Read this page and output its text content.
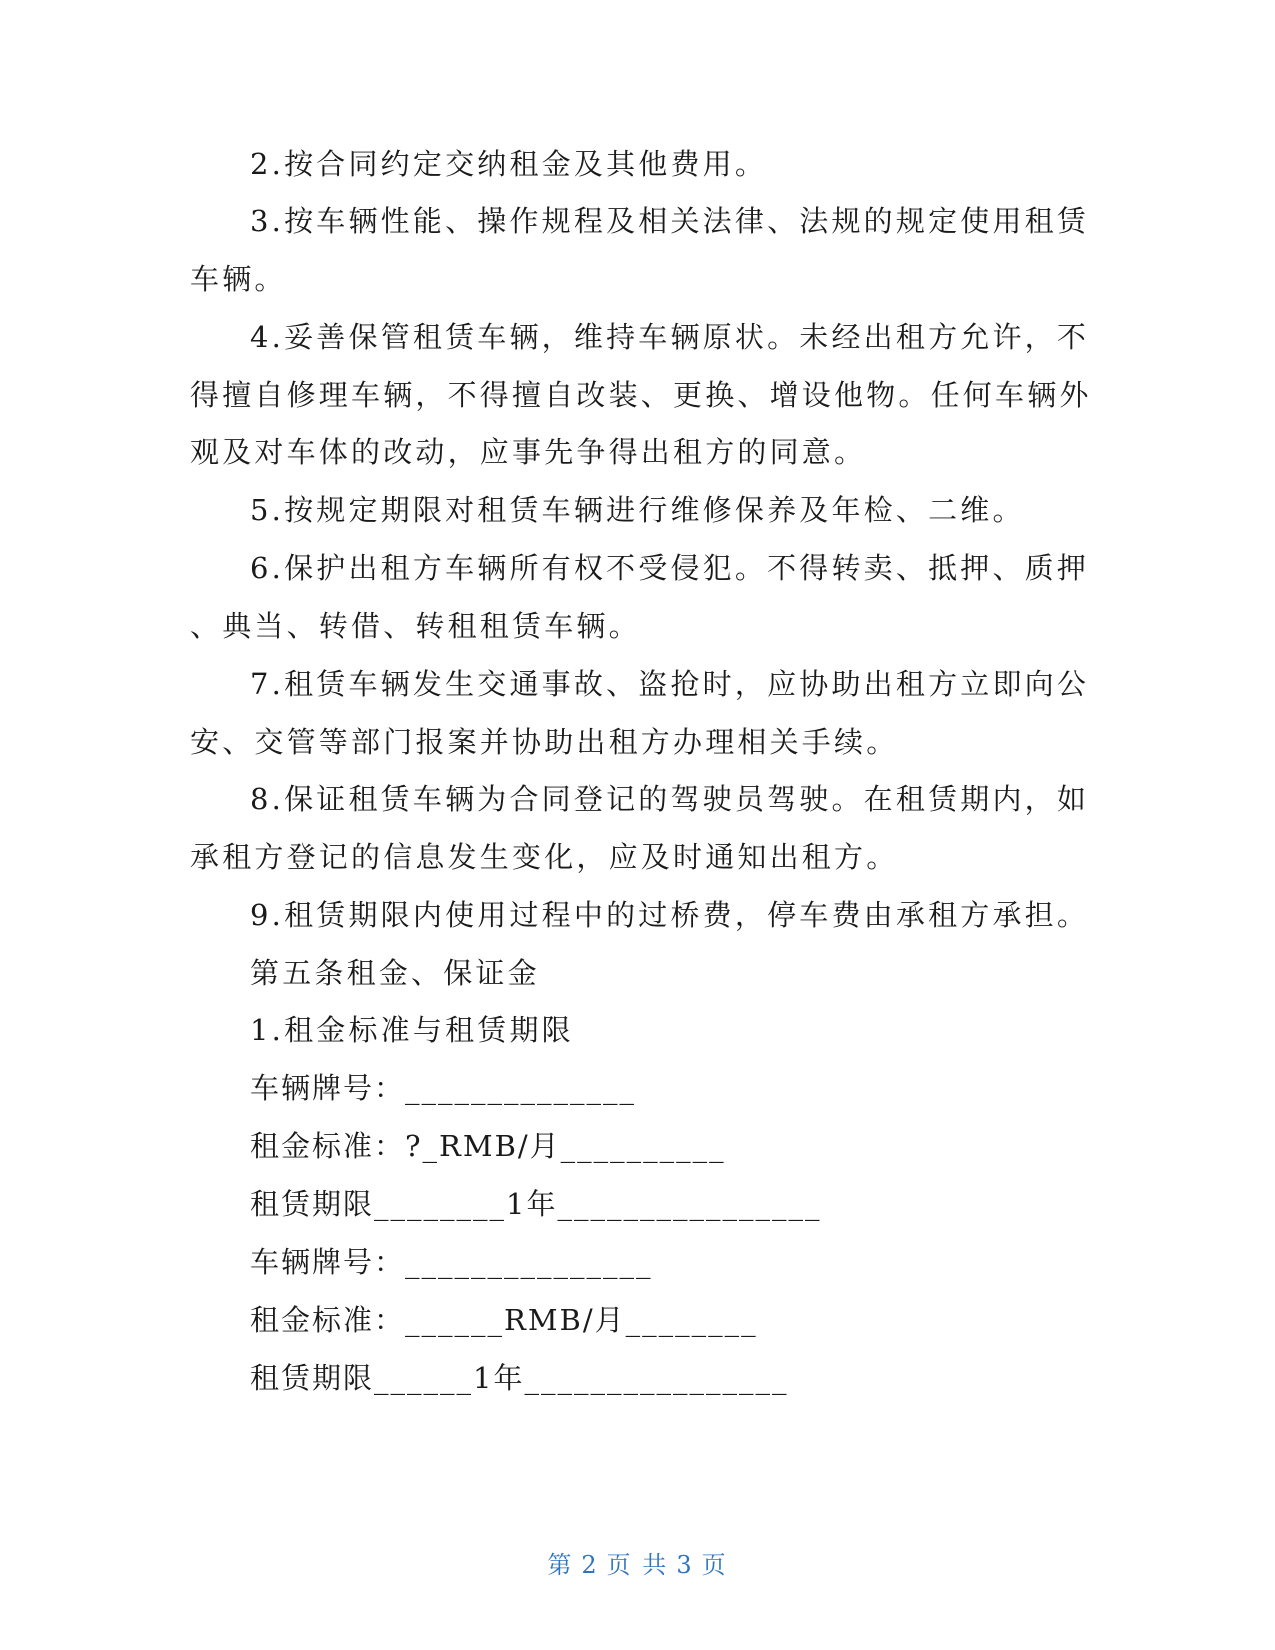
2.按合同约定交纳租金及其他费用。
3.按车辆性能、操作规程及相关法律、法规的规定使用租赁
车辆。
4.妥善保管租赁车辆，维持车辆原状。未经出租方允许，不
得擅自修理车辆，不得擅自改装、更换、增设他物。任何车辆外
观及对车体的改动，应事先争得出租方的同意。
5.按规定期限对租赁车辆进行维修保养及年检、二维。
6.保护出租方车辆所有权不受侵犯。不得转卖、抵押、质押
、典当、转借、转租租赁车辆。
7.租赁车辆发生交通事故、盗抢时，应协助出租方立即向公
安、交管等部门报案并协助出租方办理相关手续。
8.保证租赁车辆为合同登记的驾驶员驾驶。在租赁期内，如
承租方登记的信息发生变化，应及时通知出租方。
9.租赁期限内使用过程中的过桥费，停车费由承租方承担。
第五条租金、保证金
1.租金标准与租赁期限
车辆牌号：______________
租金标准：?_RMB/月__________
租赁期限________1年________________
车辆牌号：_______________
租金标准：______RMB/月________
租赁期限______1年________________
第 2 页 共 3 页
